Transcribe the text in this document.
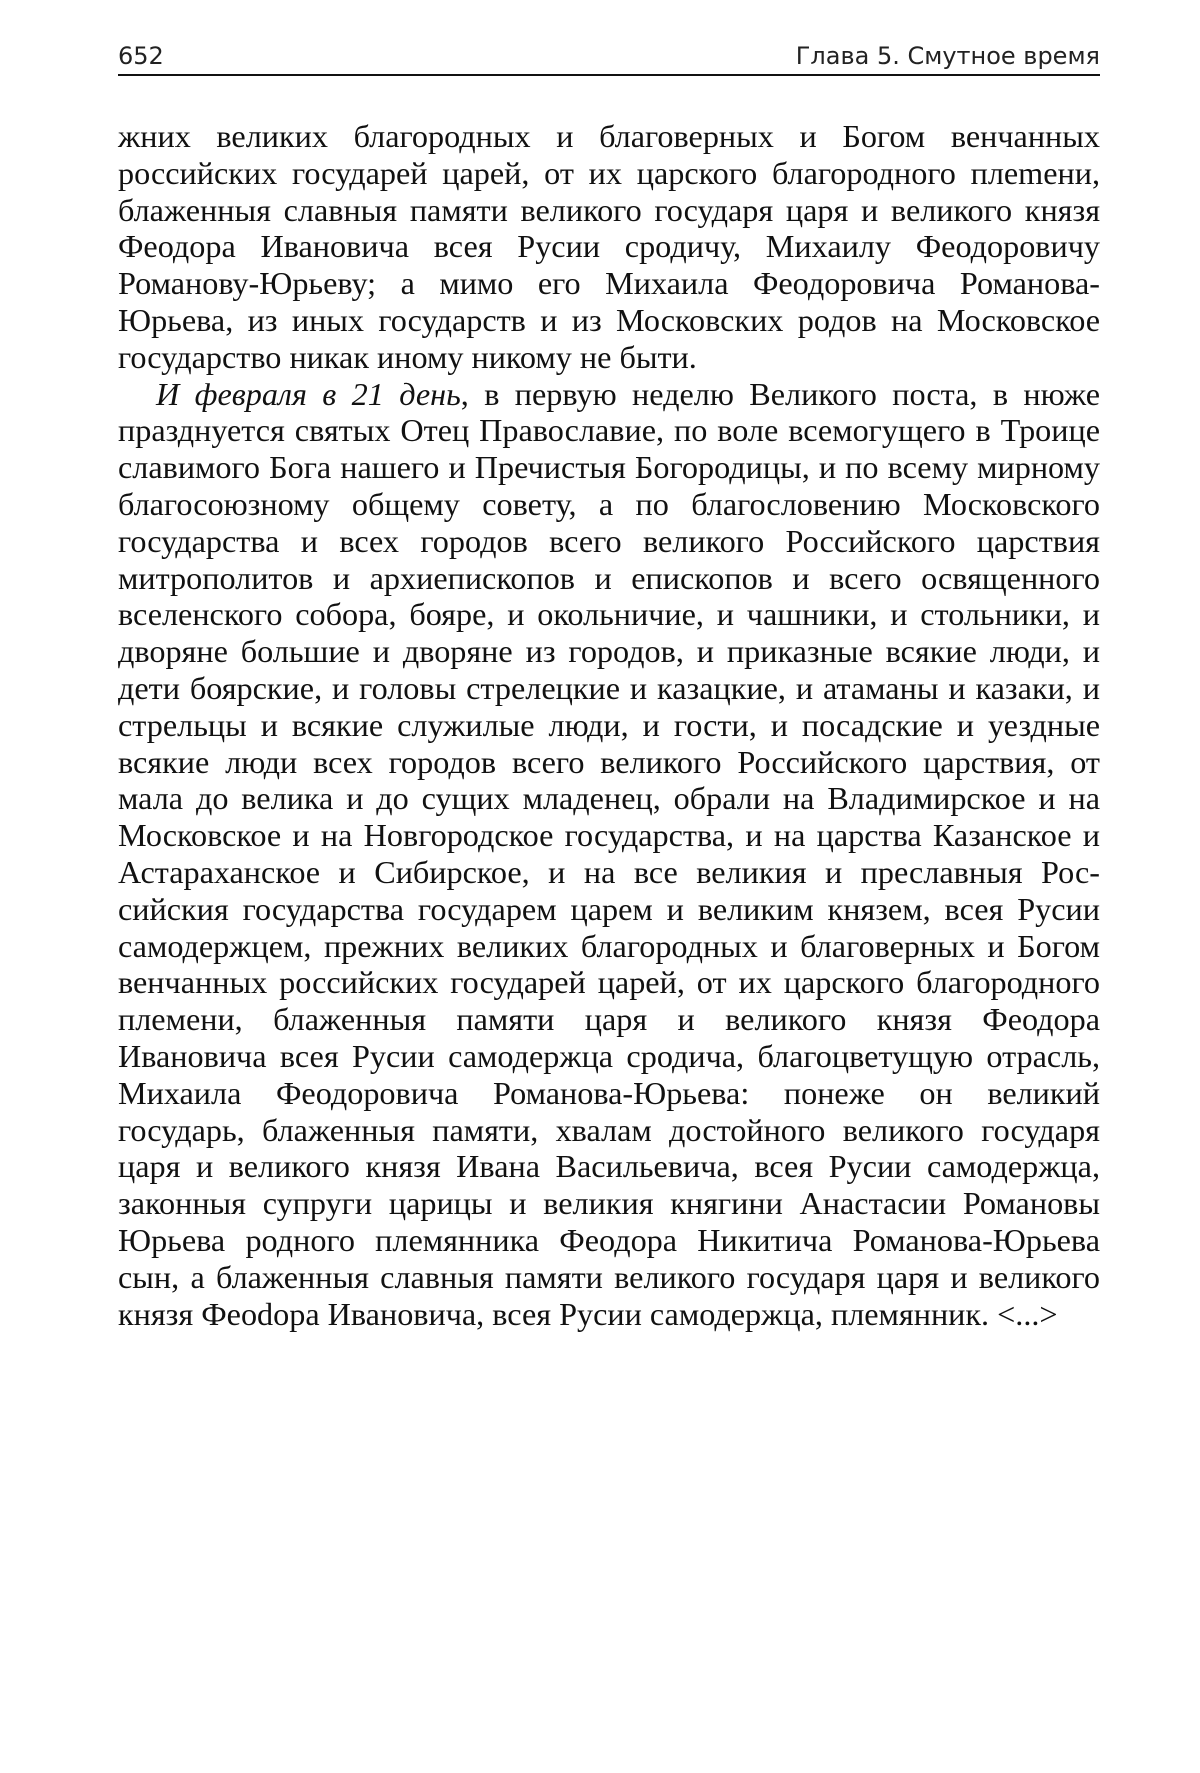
652	Глава 5. Смутное время

жних великих благородных и благоверных и Богом венчанных российских государей царей, от их царского благородного плеmени, блаженныя славныя памяти великого государя царя и великого князя Феодора Ивановича всея Русии сродичу, Михаилу Феодоровичу Романову-Юрьеву; а мимо его Михаила Феодоровича Романова-Юрьева, из иных государств и из Московских родов на Московское государство никак иному никому не быти.

И февраля в 21 день, в первую неделю Великого поста, в нюже празднуется святых Отец Православие, по воле всемогущего в Троице славимого Бога нашего и Пречистыя Богородицы, и по всему мирному благосоюзному общему совету, а по благословению Московского государства и всех городов всего великого Российского царствия митрополитов и архиепископов и епископов и всего освященного вселенского собора, бояре, и окольничие, и чашники, и стольники, и дворяне большие и дворяне из городов, и приказные всякие люди, и дети боярские, и головы стрелецкие и казацкие, и атаманы и казаки, и стрельцы и всякие служилые люди, и гости, и посадские и уездные всякие люди всех городов всего великого Российского царствия, от мала до велика и до сущих младенец, обрали на Владимирское и на Московское и на Новгородское государства, и на царства Казанское и Астараханское и Сибирское, и на все великия и преславныя Российския государства государем царем и великим князем, всея Русии самодержцем, прежних великих благородных и благоверных и Богом венчанных российских государей царей, от их царского благородного племени, блаженныя памяти царя и великого князя Феодора Ивановича всея Русии самодержца сродича, благоцветущую отрасль, Михаила Феодоровича Романова-Юрьева: понеже он великий государь, блаженныя памяти, хвалам достойного великого государя царя и великого князя Ивана Васильевича, всея Русии самодержца, законныя супруги царицы и великия княгини Анастасии Романовы Юрьева родного племянника Феодора Никитича Романова-Юрьева сын, а блаженныя славныя памяти великого государя царя и великого князя Феоdора Ивановича, всея Русии самодержца, племянник. <...>
